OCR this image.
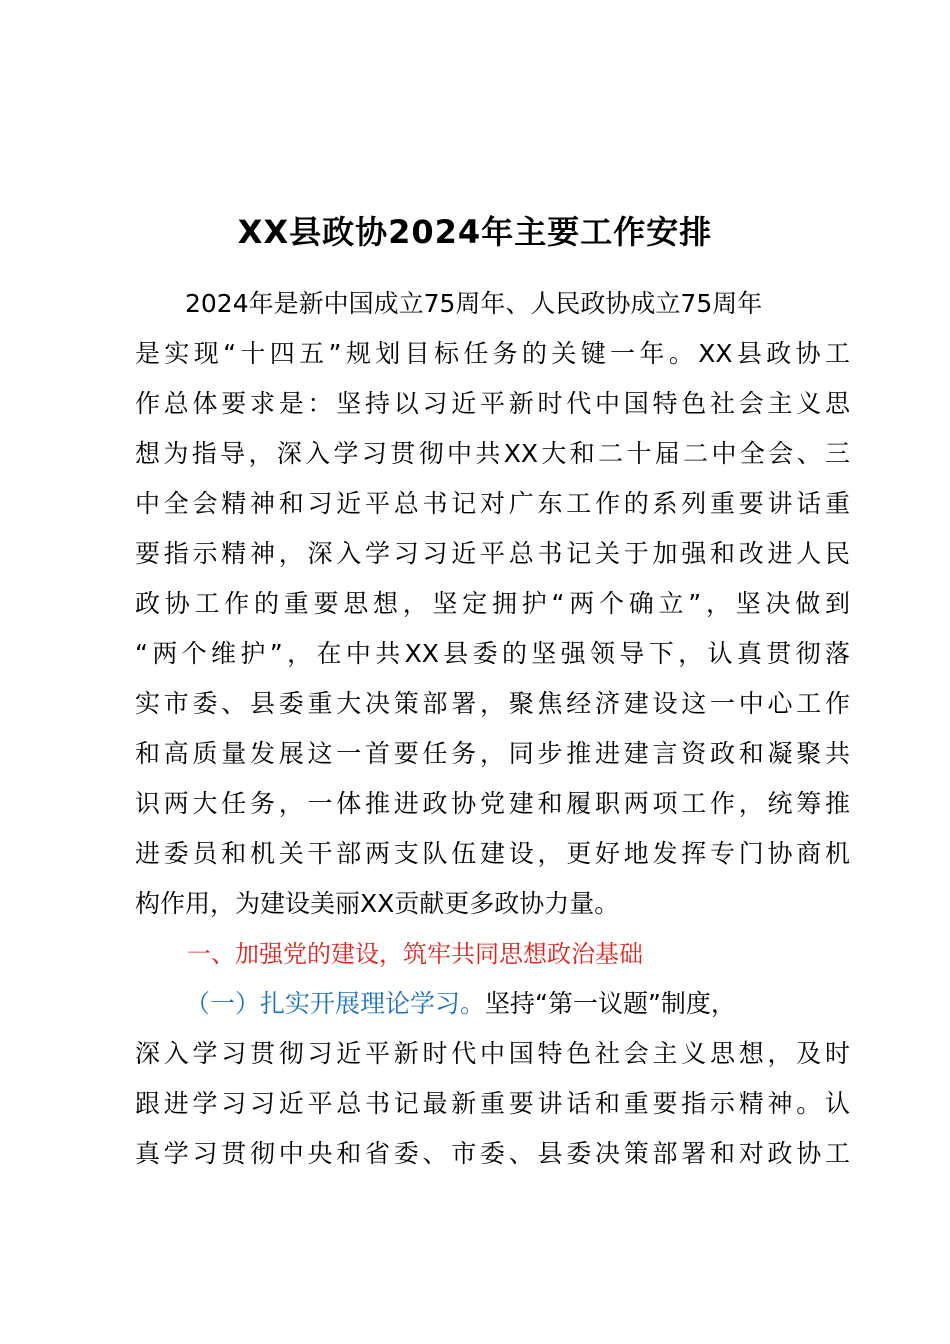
XX县政协2024年主要工作安排
2024年是新中国成立75周年、人民政协成立75周年
是实现“十四五”规划目标任务的关键一年。XX县政协工
作总体要求是：坚持以习近平新时代中国特色社会主义思
想为指导，深入学习贯彻中共XX大和二十届二中全会、三
中全会精神和习近平总书记对广东工作的系列重要讲话重
要指示精神，深入学习习近平总书记关于加强和改进人民
政协工作的重要思想，坚定拥护“两个确立”，坚决做到
“两个维护”，在中共XX县委的坚强领导下，认真贯彻落
实市委、县委重大决策部署，聚焦经济建设这一中心工作
和高质量发展这一首要任务，同步推进建言资政和凝聚共
识两大任务，一体推进政协党建和履职两项工作，统筹推
进委员和机关干部两支队伍建设，更好地发挥专门协商机
构作用，为建设美丽XX贡献更多政协力量。
一、加强党的建设，筑牢共同思想政治基础
（一）扎实开展理论学习。坚持“第一议题”制度，
深入学习贯彻习近平新时代中国特色社会主义思想，及时
跟进学习习近平总书记最新重要讲话和重要指示精神。认
真学习贯彻中央和省委、市委、县委决策部署和对政协工
